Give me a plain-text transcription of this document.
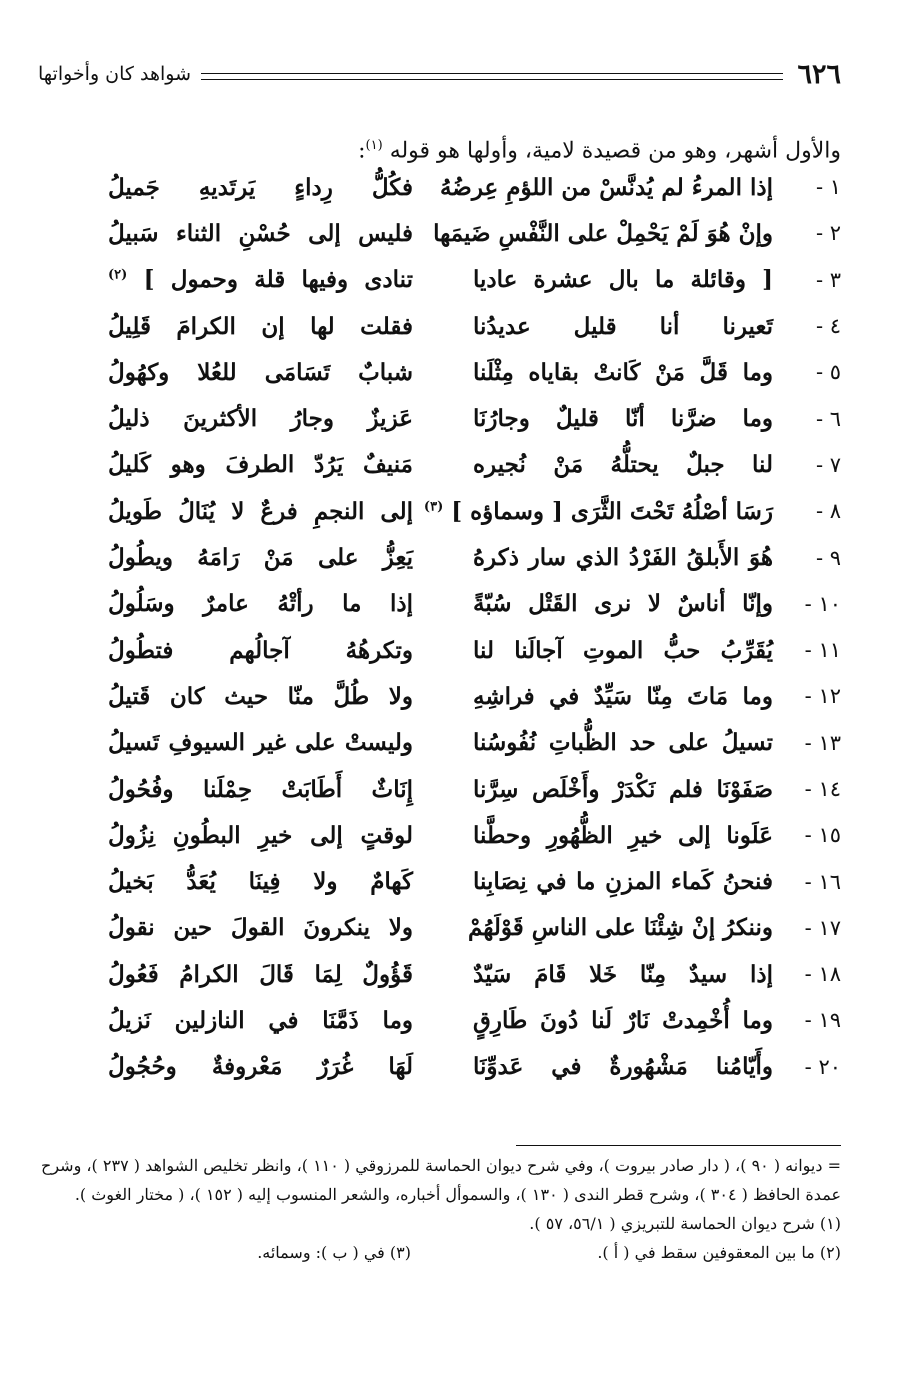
٦٢٦
شواهد كان وأخواتها
والأول أشهر، وهو من قصيدة لامية، وأولها هو قوله $^{(١)}$:
١ -
إذا المرءُ لم يُدنَّسْ من اللؤمِ عِرضُهُ
فكُلُّ رِداءٍ يَرتَديهِ جَميلُ
٢ -
وإنْ هُوَ لَمْ يَحْمِلْ على النَّفْسِ ضَيمَها
فليس إلى حُسْنِ الثناء سَبيلُ
٣ -
[ وقائلة ما بال عشرة عاديا
تنادى وفيها قلة وحمول ] $^{(٢)}$
٤ -
تَعيرنا أنا قليل عديدُنا
فقلت لها إن الكرامَ قَلِيلُ
٥ -
وما قَلَّ مَنْ كَانتْ بقاياه مِثْلَنا
شبابٌ تَسَامَى للعُلا وكهُولُ
٦ -
وما ضرَّنا أنّا قليلٌ وجارُنَا
عَزيزٌ وجارُ الأكثرينَ ذليلُ
٧ -
لنا جبلٌ يحتلُّهُ مَنْ نُجيره
مَنيفٌ يَرُدّ الطرفَ وهو كَليلُ
٨ -
رَسَا أصْلُهُ تَحْتَ الثَّرَى [ وسماؤه ] $^{(٣)}$
إلى النجمِ فرعٌ لا يُنَالُ طَويلُ
٩ -
هُوَ الأَبلقُ الفَرْدُ الذي سار ذكرهُ
يَعِزُّ على مَنْ رَامَهُ ويطُولُ
١٠ -
وإنّا أناسٌ لا نرى القَتْل سُبّةً
إذا ما رأتْهُ عامرٌ وسَلُولُ
١١ -
يُقَرِّبُ حبُّ الموتِ آجالَنا لنا
وتكرهُهُ آجالُهم فتطُولُ
١٢ -
وما مَاتَ مِنّا سَيِّدٌ في فراشِهِ
ولا طُلَّ منّا حيث كان قَتيلُ
١٣ -
تسيلُ على حد الظُّباتِ نُفُوسُنا
وليستْ على غير السيوفِ تَسيلُ
١٤ -
صَفَوْنَا فلم نَكْدَرْ وأَخْلَص سِرَّنا
إِنَاثٌ أَطَابَتْ حِمْلَنا وفُحُولُ
١٥ -
عَلَونا إلى خيرِ الظُّهُورِ وحطَّنا
لوقتٍ إلى خيرِ البطُونِ نِزُولُ
١٦ -
فنحنُ كَماء المزنِ ما في نِصَابِنا
كَهامٌ ولا فِينَا يُعَدُّ بَخيلُ
١٧ -
وننكرُ إنْ شِئْنَا على الناسِ قَوْلَهُمْ
ولا ينكرونَ القولَ حين نقولُ
١٨ -
إذا سيدٌ مِنّا خَلا قَامَ سَيّدٌ
قَؤُولٌ لِمَا قَالَ الكرامُ فَعُولُ
١٩ -
وما أُخْمِدتْ نَارٌ لَنا دُونَ طَارِقٍ
وما ذَمَّنَا في النازلين نَزيلُ
٢٠ -
وأَيّامُنا مَشْهُورةٌ في عَدوِّنَا
لَهَا غُرَرٌ مَعْروفةٌ وحُجُولُ
= ديوانه ( ٩٠ )، ( دار صادر بيروت )، وفي شرح ديوان الحماسة للمرزوقي ( ١١٠ )، وانظر تخليص الشواهد ( ٢٣٧ )، وشرح عمدة الحافظ ( ٣٠٤ )، وشرح قطر الندى ( ١٣٠ )، والسموأل أخباره، والشعر المنسوب إليه ( ١٥٢ )، ( مختار الغوث ).
(١) شرح ديوان الحماسة للتبريزي ( ٥٦/١، ٥٧ ).
(٢) ما بين المعقوفين سقط في ( أ ).
(٣) في ( ب ): وسمائه.
